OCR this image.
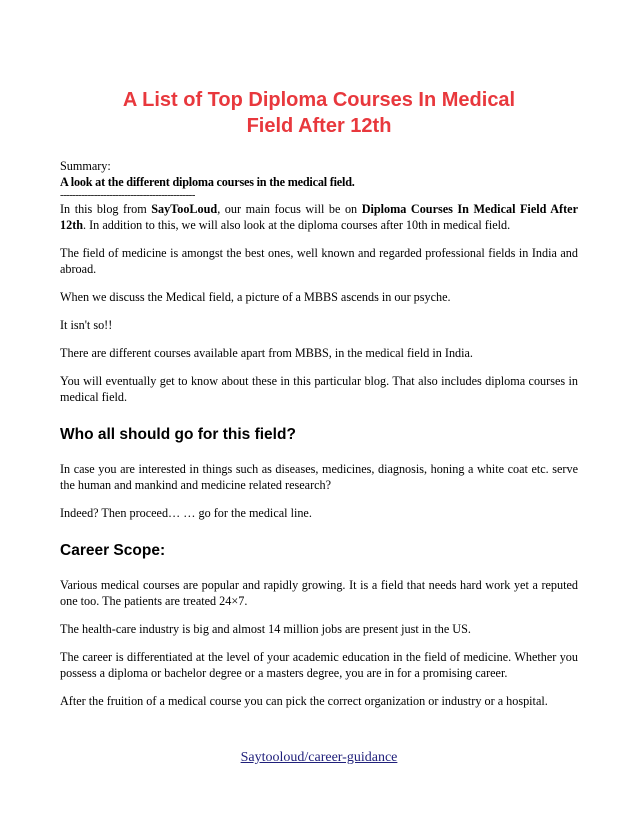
A List of Top Diploma Courses In Medical
Field After 12th

Summary:

A look at the different diploma courses in the medical field.

--------------------------------------------

In this blog from SayTooLoud, our main focus will be on Diploma Courses In Medical Field After 12th. In addition to this, we will also look at the diploma courses after 10th in medical field.

The field of medicine is amongst the best ones, well known and regarded professional fields in India and abroad.

When we discuss the Medical field, a picture of a MBBS ascends in our psyche.

It isn't so!!

There are different courses available apart from MBBS, in the medical field in India.

You will eventually get to know about these in this particular blog. That also includes diploma courses in medical field.

Who all should go for this field?

In case you are interested in things such as diseases, medicines, diagnosis, honing a white coat etc. serve the human and mankind and medicine related research?

Indeed? Then proceed… … go for the medical line.

Career Scope:

Various medical courses are popular and rapidly growing. It is a field that needs hard work yet a reputed one too. The patients are treated 24×7.

The health-care industry is big and almost 14 million jobs are present just in the US.

The career is differentiated at the level of your academic education in the field of medicine. Whether you possess a diploma or bachelor degree or a masters degree, you are in for a promising career.

After the fruition of a medical course you can pick the correct organization or industry or a hospital.

Saytooloud/career-guidance
